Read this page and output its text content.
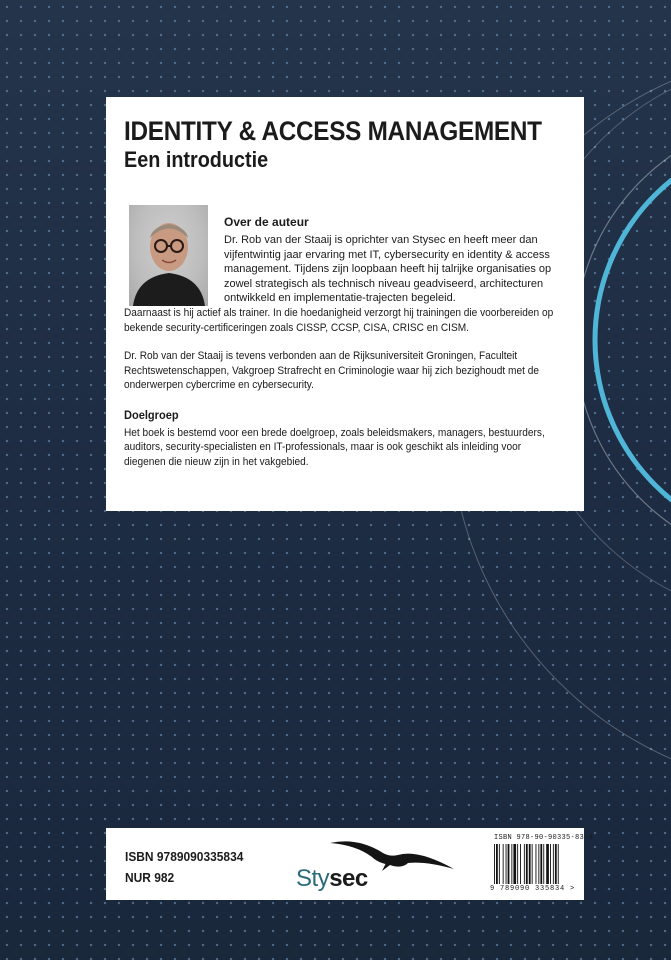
IDENTITY & ACCESS MANAGEMENT
Een introductie

Over de auteur

Dr. Rob van der Staaij is oprichter van Stysec en heeft meer dan vijfentwintig jaar ervaring met IT, cybersecurity en identity & access management. Tijdens zijn loopbaan heeft hij talrijke organisaties op zowel strategisch als technisch niveau geadviseerd, architecturen ontwikkeld en implementatie-trajecten begeleid.

Daarnaast is hij actief als trainer. In die hoedanigheid verzorgt hij trainingen die voorbereiden op bekende security-certificeringen zoals CISSP, CCSP, CISA, CRISC en CISM.

Dr. Rob van der Staaij is tevens verbonden aan de Rijksuniversiteit Groningen, Faculteit Rechtswetenschappen, Vakgroep Strafrecht en Criminologie waar hij zich bezighoudt met de onderwerpen cybercrime en cybersecurity.

Doelgroep

Het boek is bestemd voor een brede doelgroep, zoals beleidsmakers, managers, bestuurders, auditors, security-specialisten en IT-professionals, maar is ook geschikt als inleiding voor diegenen die nieuw zijn in het vakgebied.

ISBN 9789090335834
NUR 982	Stysec
ISBN 978-90-90335-83-4
9 789090 335834 >
